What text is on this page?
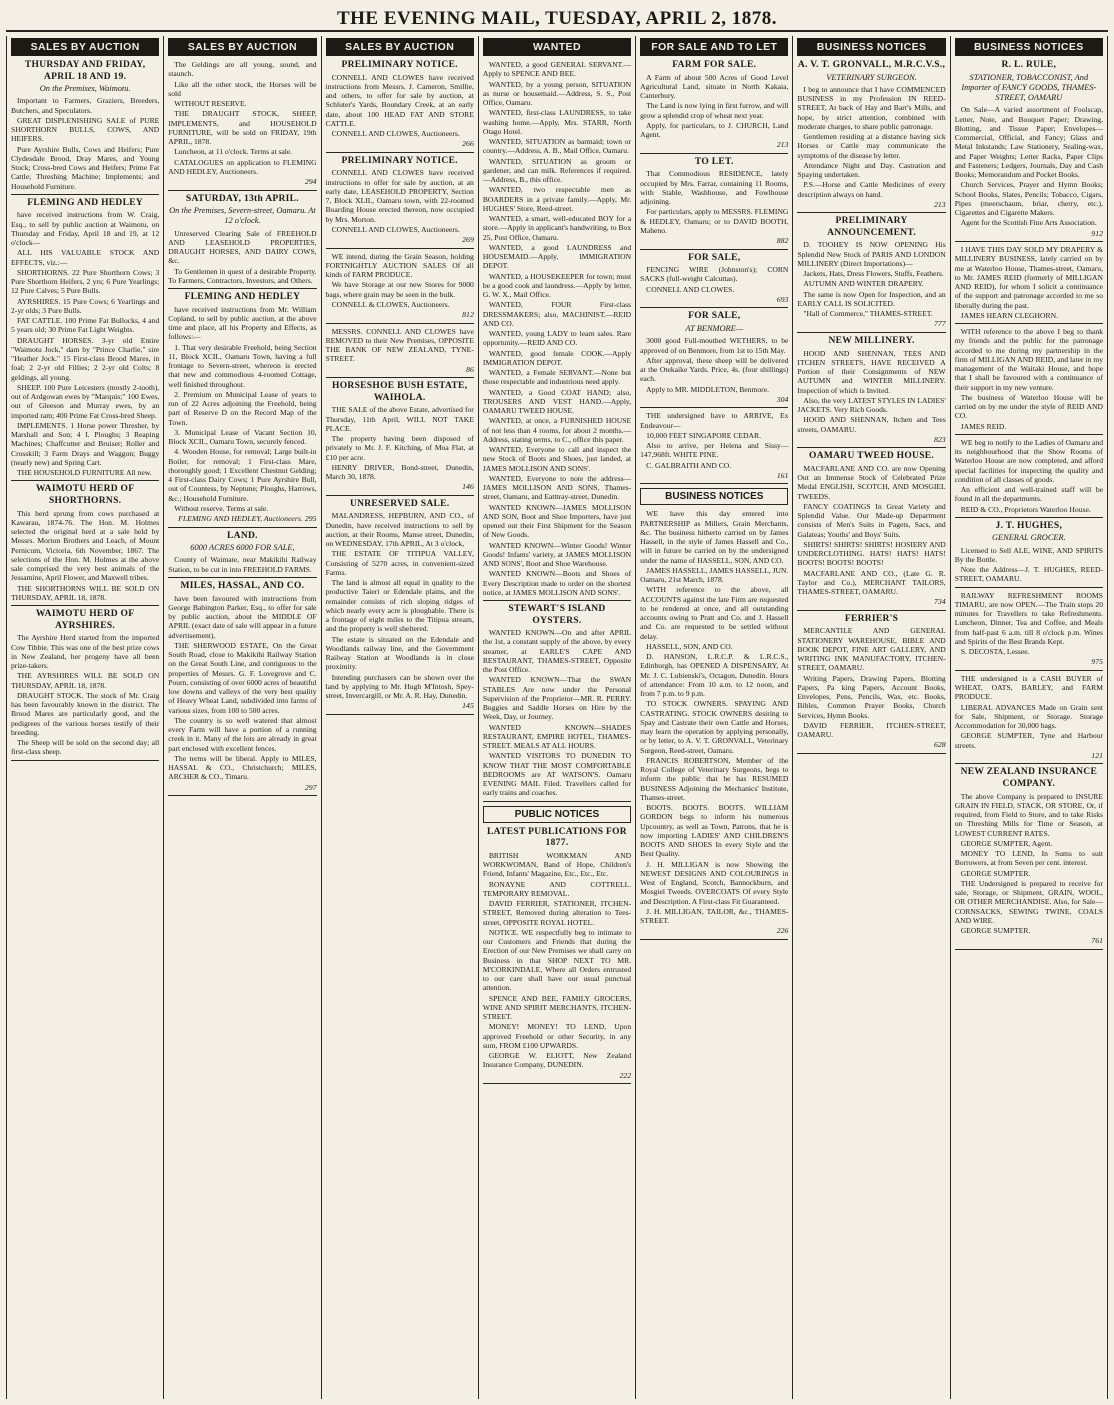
THE EVENING MAIL, TUESDAY, APRIL 2, 1878.
SALES BY AUCTION
THURSDAY AND FRIDAY, APRIL 18 AND 19.
On the Premises, Waimotu.

Important to Farmers, Graziers, Breeders, Butchers, and Speculators.

GREAT DISPLENISHING SALE of PURE SHORTHORN BULLS, COWS, AND HEIFERS.

Pure Ayrshire Bulls, Cows and Heifers; Pure Clydesdale Brood, Dray Mares, and Young Stock; Cross-bred Cows and Heifers; Prime Fat Cattle; Threshing Machine; Implements; and Household Furniture.

FLEMING AND HEDLEY

have received instructions from W. Craig, Esq., to sell by public auction at Waimotu, on Thursday and Friday, April 18 and 19, at 12 o'clock—

ALL HIS VALUABLE STOCK AND EFFECTS, viz.:—

SHORTHORNS. 22 Pure Shorthorn Cows; 3 Pure Shorthorn Heifers, 2 yrs; 6 Pure Yearlings; 12 Pure Calves; 5 Pure Bulls.

AYRSHIRES. 15 Pure Cows; 6 Yearlings and 2-yr olds; 3 Pure Bulls.

FAT CATTLE. 100 Prime Fat Bullocks, 4 and 5 years old; 30 Prime Fat Light Weights.

DRAUGHT HORSES. 3-yr old Entire "Waimotu Jock," dam by "Prince Charlie," sire "Heather Jock." 15 First-class Brood Mares, in foal; 2 2-yr old Fillies; 2 2-yr old Colts; 8 geldings, all young.

SHEEP. 100 Pure Leicesters (mostly 2-tooth), out of Ardgowan ewes by "Marquis;" 100 Ewes, out of Gleeson and Murray ewes, by an imported ram; 400 Prime Fat Cross-bred Sheep.

IMPLEMENTS. 1 Horse power Thresher, by Marshall and Son; 4 I. Ploughs; 3 Reaping Machines; Chaffcutter and Bruiser; Roller and Crosskill; 3 Farm Drays and Waggon; Buggy (nearly new) and Spring Cart.

THE HOUSEHOLD FURNITURE All new.

WAIMOTU HERD OF SHORTHORNS.

This herd sprung from cows purchased at Kawarau, 1874-76. The Hon. M. Holmes selected the original herd at a sale held by Messrs. Morton Brothers and Leach, of Mount Pernicum, Victoria, 6th November, 1867. The selections of the Hon. M. Holmes at the above sale comprised the very best animals of the Jessamine, April Flower, and Maxwell tribes.

THE SHORTHORNS WILL BE SOLD ON THURSDAY, APRIL 18, 1878.

WAIMOTU HERD OF AYRSHIRES.

The Ayrshire Herd started from the imported Cow Tibbie. This was one of the best prize cows in New Zealand, her progeny have all been prize-takers.

THE AYRSHIRES WILL BE SOLD ON THURSDAY, APRIL 18, 1878.

DRAUGHT STOCK. The stock of Mr. Craig has been favourably known in the district. The Brood Mares are particularly good, and the pedigrees of the various horses testify of their breeding.

The Sheep will be sold on the second day; all first-class sheep.

SALES BY AUCTION

The Geldings are all young, sound, and staunch.

Like all the other stock, the Horses will be sold

WITHOUT RESERVE.

THE DRAUGHT STOCK, SHEEP, IMPLEMENTS, and HOUSEHOLD FURNITURE, will be sold on FRIDAY, 19th APRIL, 1878.

Luncheon, at 11 o'clock. Terms at sale.

CATALOGUES on application to FLEMING AND HEDLEY, Auctioneers.

294
SATURDAY, 13th APRIL.
On the Premises, Severn-street, Oamaru. At 12 o'clock.

Unreserved Clearing Sale of FREEHOLD AND LEASEHOLD PROPERTIES, DRAUGHT HORSES, AND DAIRY COWS, &c.

To Gentlemen in quest of a desirable Property. To Farmers, Contractors, Investors, and Others.

FLEMING AND HEDLEY

have received instructions from Mr. William Copland, to sell by public auction, at the above time and place, all his Property and Effects, as follows:—

1. That very desirable Freehold, being Section 11, Block XCII., Oamaru Town, having a full frontage to Severn-street, whereon is erected that new and commodious 4-roomed Cottage, well finished throughout.

2. Premium on Municipal Lease of years to run of 22 Acres adjoining the Freehold, being part of Reserve D on the Record Map of the Town.

3. Municipal Lease of Vacant Section 10, Block XCII., Oamaru Town, securely fenced.

4. Wooden House, for removal; Large built-in Boiler, for removal; 1 First-class Mare, thoroughly good; 1 Excellent Chestnut Gelding; 4 First-class Dairy Cows; 1 Pure Ayrshire Bull, out of Countess, by Neptune; Ploughs, Harrows, &c.; Household Furniture.

Without reserve. Terms at sale.

FLEMING AND HEDLEY, Auctioneers. 295
LAND.
6000 ACRES 6000 FOR SALE,

County of Waimate, near Makikihi Railway Station, to be cut in into FREEHOLD FARMS.

MILES, HASSAL, AND CO.

have been favoured with instructions from George Babington Parker, Esq., to offer for sale by public auction, about the MIDDLE OF APRIL (exact date of sale will appear in a future advertisement),

THE SHERWOOD ESTATE, On the Great South Road, close to Makikihi Railway Station on the Great South Line, and contiguous to the properties of Messrs. G. F. Lovegrove and C. Pourn, consisting of over 6000 acres of beautiful low downs and valleys of the very best quality of Heavy Wheat Land, subdivided into farms of various sizes, from 100 to 500 acres.

The country is so well watered that almost every Farm will have a portion of a running creek in it. Many of the lots are already in great part enclosed with excellent fences.

The terms will be liberal. Apply to MILES, HASSAL & CO., Christchurch; MILES, ARCHER & CO., Timaru.

297
SALES BY AUCTION
PRELIMINARY NOTICE.

CONNELL AND CLOWES have received instructions from Messrs. J. Cameron, Smillie, and others, to offer for sale by auction, at Schluter's Yards, Boundary Creek, at an early date, about 100 HEAD FAT AND STORE CATTLE.

CONNELL AND CLOWES, Auctioneers.

266
PRELIMINARY NOTICE.

CONNELL AND CLOWES have received instructions to offer for sale by auction, at an early date, LEASEHOLD PROPERTY, Section 7, Block XLII., Oamaru town, with 22-roomed Boarding House erected thereon, now occupied by Mrs. Morton.

CONNELL AND CLOWES, Auctioneers.

269

WE intend, during the Grain Season, holding FORTNIGHTLY AUCTION SALES Of all kinds of FARM PRODUCE.

We have Storage at our new Stores for 9000 bags, where grain may be seen in the bulk.

CONNELL & CLOWES, Auctioneers.

812

MESSRS. CONNELL AND CLOWES have REMOVED to their New Premises, OPPOSITE THE BANK OF NEW ZEALAND, TYNE-STREET.

86
HORSESHOE BUSH ESTATE, WAIHOLA.

THE SALE of the above Estate, advertised for Thursday, 11th April, WILL NOT TAKE PLACE.

The property having been disposed of privately to Mr. J. F. Kitching, of Moa Flat, at £10 per acre.

HENRY DRIVER, Bond-street, Dunedin, March 30, 1878.

146
UNRESERVED SALE.

MALANDRESS, HEPBURN, AND CO., of Dunedin, have received instructions to sell by auction, at their Rooms, Manse street, Dunedin, on WEDNESDAY, 17th APRIL, At 3 o'clock,

THE ESTATE OF TITIPUA VALLEY, Consisting of 5270 acres, in convenient-sized Farms.

The land is almost all equal in quality to the productive Taieri or Edendale plains, and the remainder consists of rich sloping ridges of which nearly every acre is ploughable. There is a frontage of eight miles to the Titipua stream, and the property is well sheltered.

The estate is situated on the Edendale and Woodlands railway line, and the Government Railway Station at Woodlands is in close proximity.

Intending purchasers can be shown over the land by applying to Mr. Hugh M'Intosh, Spey-street, Invercargill, or Mr. A. R. Hay, Dunedin.

145
WANTED

WANTED, a good GENERAL SERVANT.—Apply to SPENCE AND BEE.

WANTED, by a young person, SITUATION as nurse or housemaid.—Address, S. S., Post Office, Oamaru.

WANTED, first-class LAUNDRESS, to take washing home.—Apply, Mrs. STARR, North Otago Hotel.

WANTED, SITUATION as barmaid; town or country.—Address, A. B., Mail Office, Oamaru.

WANTED, SITUATION as groom or gardener, and can milk. References if required.—Address, B., this office.

WANTED, two respectable men as BOARDERS in a private family.—Apply, Mr. HUGHES' Store, Reed-street.

WANTED, a smart, well-educated BOY for a store.—Apply in applicant's handwriting, to Box 25, Post Office, Oamaru.

WANTED, a good LAUNDRESS and HOUSEMAID.—Apply, IMMIGRATION DEPOT.

WANTED, a HOUSEKEEPER for town; must be a good cook and laundress.—Apply by letter, G. W. X., Mail Office.

WANTED, FOUR First-class DRESSMAKERS; also, MACHINIST.—REID AND CO.

WANTED, young LADY to learn sales. Rare opportunity.—REID AND CO.

WANTED, good female COOK.—Apply IMMIGRATION DEPOT.

WANTED, a Female SERVANT.—None but those respectable and industrious need apply.

WANTED, a Good COAT HAND; also, TROUSERS AND VEST HAND.—Apply, OAMARU TWEED HOUSE.

WANTED, at once, a FURNISHED HOUSE of not less than 4 rooms, for about 2 months.—Address, stating terms, to C., office this paper.

WANTED, Everyone to call and inspect the new Stock of Boots and Shoes, just landed, at JAMES MOLLISON AND SONS'.

WANTED, Everyone to note the address—JAMES MOLLISON AND SONS, Thames-street, Oamaru, and Eatttray-street, Dunedin.

WANTED KNOWN—JAMES MOLLISON AND SON, Boot and Shoe Importers, have just opened out their First Shipment for the Season of New Goods.

WANTED KNOWN—Winter Goods! Winter Goods! Infants' variety, at JAMES MOLLISON AND SONS', Boot and Shoe Warehouse.

WANTED KNOWN—Boots and Shoes of Every Description made to order on the shortest notice, at JAMES MOLLISON AND SONS'.

STEWART'S ISLAND OYSTERS.

WANTED KNOWN—On and after APRIL the 1st, a constant supply of the above, by every steamer, at EARLE'S CAPE AND RESTAURANT, THAMES-STREET, Opposite the Post Office.

WANTED KNOWN—That the SWAN STABLES Are now under the Personal Supervision of the Proprietor—MR. R. PERRY. Buggies and Saddle Horses on Hire by the Week, Day, or Journey.

WANTED KNOWN—SHADES RESTAURANT, EMPIRE HOTEL, THAMES-STREET. MEALS AT ALL HOURS.

WANTED VISITORS TO DUNEDIN TO KNOW THAT THE MOST COMFORTABLE BEDROOMS are AT WATSON'S. Oamaru EVENING MAIL Filed. Travellers called for early trains and coaches.

PUBLIC NOTICES
LATEST PUBLICATIONS FOR 1877.

BRITISH WORKMAN AND WORKWOMAN, Band of Hope, Children's Friend, Infants' Magazine, Etc., Etc., Etc.

RONAYNE AND COTTRELL. TEMPORARY REMOVAL.

DAVID FERRIER, STATIONER, ITCHEN-STREET, Removed during alteration to Tees-street, OPPOSITE ROYAL HOTEL.

NOTICE. WE respectfully beg to intimate to our Customers and Friends that during the Erection of our New Premises we shall carry on Business in that SHOP NEXT TO MR. M'CORKINDALE, Where all Orders entrusted to our care shall have our usual punctual attention.

SPENCE AND BEE, FAMILY GROCERS, WINE AND SPIRIT MERCHANTS, ITCHEN-STREET.

MONEY! MONEY! TO LEND, Upon approved Freehold or other Security, in any sum, FROM £100 UPWARDS.

GEORGE W. ELIOTT, New Zealand Insurance Company, DUNEDIN.

222
FOR SALE AND TO LET
FARM FOR SALE.

A Farm of about 500 Acres of Good Level Agricultural Land, situate in North Kakaia, Canterbury.

The Land is now lying in first furrow, and will grow a splendid crop of wheat next year.

Apply, for particulars, to J. CHURCH, Land Agent.

213
TO LET.

That Commodious RESIDENCE, lately occupied by Mrs. Farrar, containing 11 Rooms, with Stable, Washhouse, and Fowlhouse adjoining.

For particulars, apply to MESSRS. FLEMING & HEDLEY, Oamaru; or to DAVID BOOTH, Maheno.

882
FOR SALE,

FENCING WIRE (Johnston's); CORN SACKS (full-weight Calcuttas).

CONNELL AND CLOWES.

693
FOR SALE,
AT BENMORE—

3000 good Full-mouthed WETHERS, to be approved of on Benmore, from 1st to 15th May.

After approval, these sheep will be delivered at the Otekaike Yards. Price, 4s. (four shillings) each.

Apply to MR. MIDDLETON, Benmore.

304

THE undersigned have to ARRIVE, Ex Endeavour—

10,000 FEET SINGAPORE CEDAR.

Also to arrive, per Helena and Sissy—147,968ft. WHITE PINE.

C. GALBRAITH AND CO.

161
BUSINESS NOTICES

WE have this day entered into PARTNERSHIP as Millers, Grain Merchants, &c. The business hitherto carried on by James Hassell, in the style of James Hassell and Co., will in future be carried on by the undersigned under the name of HASSELL, SON, AND CO.

JAMES HASSELL, JAMES HASSELL, JUN. Oamaru, 21st March, 1878.

WITH reference to the above, all ACCOUNTS against the late Firm are requested to be rendered at once, and all outstanding accounts owing to Pratt and Co. and J. Hassell and Co. are requested to be settled without delay.

HASSELL, SON, AND CO.

D. HANSON, L.R.C.P. & L.R.C.S., Edinburgh, has OPENED A DISPENSARY, At Mr. J. C. Lubienski's, Octagon, Dunedin. Hours of attendance: From 10 a.m. to 12 noon, and from 7 p.m. to 9 p.m.

TO STOCK OWNERS. SPAYING AND CASTRATING. STOCK OWNERS desiring to Spay and Castrate their own Cattle and Horses, may learn the operation by applying personally, or by letter, to A. V. T. GRONVALL, Veterinary Surgeon, Reed-street, Oamaru.

FRANCIS ROBERTSON, Member of the Royal College of Veterinary Surgeons, begs to inform the public that he has RESUMED BUSINESS Adjoining the Mechanics' Institute, Thames-street.

BOOTS. BOOTS. BOOTS. WILLIAM GORDON begs to inform his numerous Upcountry, as well as Town, Patrons, that he is now importing LADIES' AND CHILDREN'S BOOTS AND SHOES In every Style and the Best Quality.

J. H. MILLIGAN is now Showing the NEWEST DESIGNS AND COLOURINGS in West of England, Scotch, Bannockburn, and Mosgiel Tweeds. OVERCOATS Of every Style and Description. A First-class Fit Guaranteed.

J. H. MILLIGAN, TAILOR, &c., THAMES-STREET.

226
BUSINESS NOTICES
A. V. T. GRONVALL, M.R.C.V.S.,
VETERINARY SURGEON.

I beg to announce that I have COMMENCED BUSINESS in my Profession IN REED-STREET, At back of Hay and Barr's Mills, and hope, by strict attention, combined with moderate charges, to share public patronage.

Gentlemen residing at a distance having sick Horses or Cattle may communicate the symptoms of the disease by letter.

Attendance Night and Day. Castration and Spaying undertaken.

P.S.—Horse and Cattle Medicines of every description always on hand.

213
PRELIMINARY ANNOUNCEMENT.

D. TOOHEY IS NOW OPENING His Splendid New Stock of PARIS AND LONDON MILLINERY (Direct Importations)—

Jackets, Hats, Dress Flowers, Stuffs, Feathers.

AUTUMN AND WINTER DRAPERY.

The same is now Open for Inspection, and an EARLY CALL IS SOLICITED.

"Hall of Commerce," THAMES-STREET.

777
NEW MILLINERY.

HOOD AND SHENNAN, TEES AND ITCHEN STREETS, HAVE RECEIVED A Portion of their Consignments of NEW AUTUMN and WINTER MILLINERY. Inspection of which is Invited.

Also, the very LATEST STYLES IN LADIES' JACKETS. Very Rich Goods.

HOOD AND SHENNAN, Itchen and Tees streets, OAMARU.

823
OAMARU TWEED HOUSE.

MACFARLANE AND CO. are now Opening Out an Immense Stock of Celebrated Prize Medal ENGLISH, SCOTCH, AND MOSGIEL TWEEDS.

FANCY COATINGS In Great Variety and Splendid Value. Our Made-up Department consists of Men's Suits in Pagets, Sacs, and Galateas; Youths' and Boys' Suits.

SHIRTS! SHIRTS! SHIRTS! HOSIERY AND UNDERCLOTHING. HATS! HATS! HATS! BOOTS! BOOTS! BOOTS!

MACFARLANE AND CO., (Late G. R. Taylor and Co.), MERCHANT TAILORS, THAMES-STREET, OAMARU.

734
FERRIER'S

MERCANTILE AND GENERAL STATIONERY WAREHOUSE, BIBLE AND BOOK DEPOT, FINE ART GALLERY, AND WRITING INK MANUFACTORY, ITCHEN-STREET, OAMARU.

Writing Papers, Drawing Papers, Blotting Papers, Pa king Papers, Account Books, Envelopes, Pens, Pencils, Wax, etc. Books, Bibles, Common Prayer Books, Church Services, Hymn Books.

DAVID FERRIER, ITCHEN-STREET, OAMARU.

628
BUSINESS NOTICES
R. L. RULE,
STATIONER, TOBACCONIST, And Importer of FANCY GOODS, THAMES-STREET, OAMARU

On Sale—A varied assortment of Foolscap, Letter, Note, and Bouquet Paper; Drawing, Blotting, and Tissue Paper; Envelopes—Commercial, Official, and Fancy; Glass and Metal Inkstands; Law Stationery, Sealing-wax, and Paper Weights; Letter Racks, Paper Clips and Fasteners; Ledgers, Journals, Day and Cash Books; Memorandum and Pocket Books.

Church Services, Prayer and Hymn Books; School Books, Slates, Pencils; Tobacco, Cigars, Pipes (meerschaum, briar, cherry, etc.), Cigarettes and Cigarette Makers.

Agent for the Scottish Fine Arts Association.

912

I HAVE THIS DAY SOLD MY DRAPERY & MILLINERY BUSINESS, lately carried on by me at Waterloo House, Thames-street, Oamaru, to Mr. JAMES REID (formerly of MILLIGAN AND REID), for whom I solicit a continuance of the support and patronage accorded to me so liberally during the past.

JAMES HEARN CLEGHORN.

WITH reference to the above I beg to thank my friends and the public for the patronage accorded to me during my partnership in the firm of MILLIGAN AND REID, and later in my management of the Waitaki House, and hope that I shall be favoured with a continuance of their support in my new venture.

The business of Waterloo House will be carried on by me under the style of REID AND CO.

JAMES REID.

WE beg to notify to the Ladies of Oamaru and its neighbourhood that the Show Rooms of Waterloo House are now completed, and afford special facilities for inspecting the quality and condition of all classes of goods.

An efficient and well-trained staff will be found in all the departments.

REID & CO., Proprietors Waterloo House.

J. T. HUGHES,
GENERAL GROCER.

Licensed to Sell ALE, WINE, AND SPIRITS By the Bottle.

Note the Address—J. T. HUGHES, REED-STREET, OAMARU.

RAILWAY REFRESHMENT ROOMS TIMARU, are now OPEN.—The Train stops 20 minutes for Travellers to take Refreshments. Luncheon, Dinner, Tea and Coffee, and Meals from half-past 6 a.m. till 8 o'clock p.m. Wines and Spirits of the Best Brands Kept.

S. DECOSTA, Lessee.

975

THE undersigned is a CASH BUYER of WHEAT, OATS, BARLEY, and FARM PRODUCE.

LIBERAL ADVANCES Made on Grain sent for Sale, Shipment, or Storage. Storage Accommodation for 30,000 bags.

GEORGE SUMPTER, Tyne and Harbour streets.

121
NEW ZEALAND INSURANCE COMPANY.

The above Company is prepared to INSURE GRAIN IN FIELD, STACK, OR STORE, Or, if required, from Field to Store, and to take Risks on Threshing Mills for Time or Season, at LOWEST CURRENT RATES.

GEORGE SUMPTER, Agent.

MONEY TO LEND, In Sums to suit Borrowers, at from Seven per cent. interest.

GEORGE SUMPTER.

THE Undersigned is prepared to receive for sale, Storage, or Shipment, GRAIN, WOOL, OR OTHER MERCHANDISE. Also, for Sale—CORNSACKS, SEWING TWINE, COALS AND WIRE.

GEORGE SUMPTER.

761
